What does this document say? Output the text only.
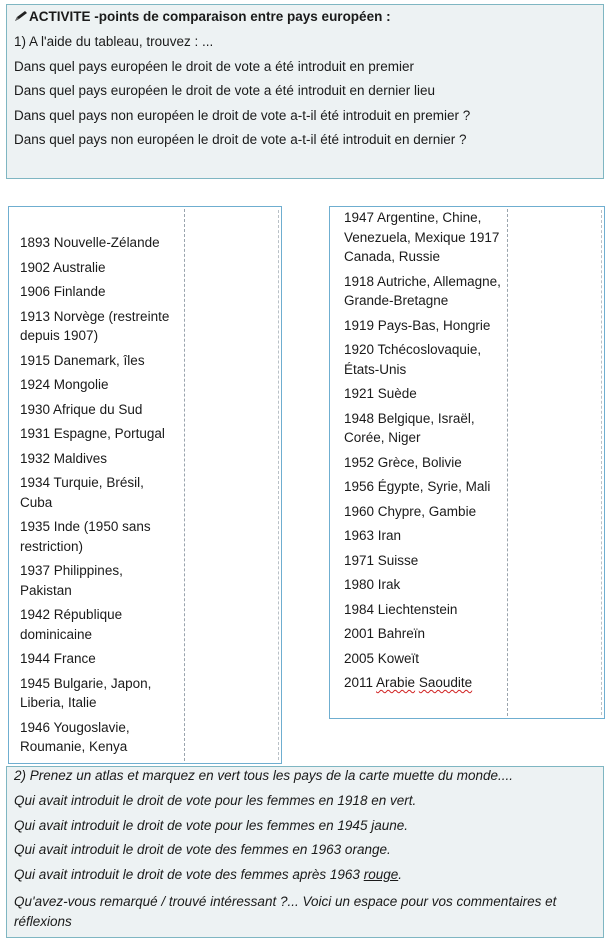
ACTIVITE -points de comparaison entre pays européen :
1) A l'aide du tableau, trouvez : ...
Dans quel pays européen le droit de vote a été introduit en premier
Dans quel pays européen le droit de vote a été introduit en dernier lieu
Dans quel pays non européen le droit de vote a-t-il été introduit en premier ?
Dans quel pays non européen le droit de vote a-t-il été introduit en dernier ?
1893 Nouvelle-Zélande
1902 Australie
1906 Finlande
1913 Norvège (restreinte depuis 1907)
1915 Danemark, îles
1924 Mongolie
1930 Afrique du Sud
1931 Espagne, Portugal
1932 Maldives
1934 Turquie, Brésil, Cuba
1935 Inde (1950 sans restriction)
1937 Philippines, Pakistan
1942 République dominicaine
1944 France
1945 Bulgarie, Japon, Liberia, Italie
1946 Yougoslavie, Roumanie, Kenya
1947 Argentine, Chine, Venezuela, Mexique 1917 Canada, Russie
1918 Autriche, Allemagne, Grande-Bretagne
1919 Pays-Bas, Hongrie
1920 Tchécoslovaquie, États-Unis
1921 Suède
1948 Belgique, Israël, Corée, Niger
1952 Grèce, Bolivie
1956 Égypte, Syrie, Mali
1960 Chypre, Gambie
1963 Iran
1971 Suisse
1980 Irak
1984 Liechtenstein
2001 Bahreïn
2005 Koweït
2011 Arabie Saoudite
2) Prenez un atlas et marquez en vert tous les pays de la carte muette du monde....
Qui avait introduit le droit de vote pour les femmes en 1918 en vert.
Qui avait introduit le droit de vote pour les femmes en 1945 jaune.
Qui avait introduit le droit de vote des femmes en 1963 orange.
Qui avait introduit le droit de vote des femmes après 1963 rouge.
Qu'avez-vous remarqué / trouvé intéressant ?... Voici un espace pour vos commentaires et réflexions
